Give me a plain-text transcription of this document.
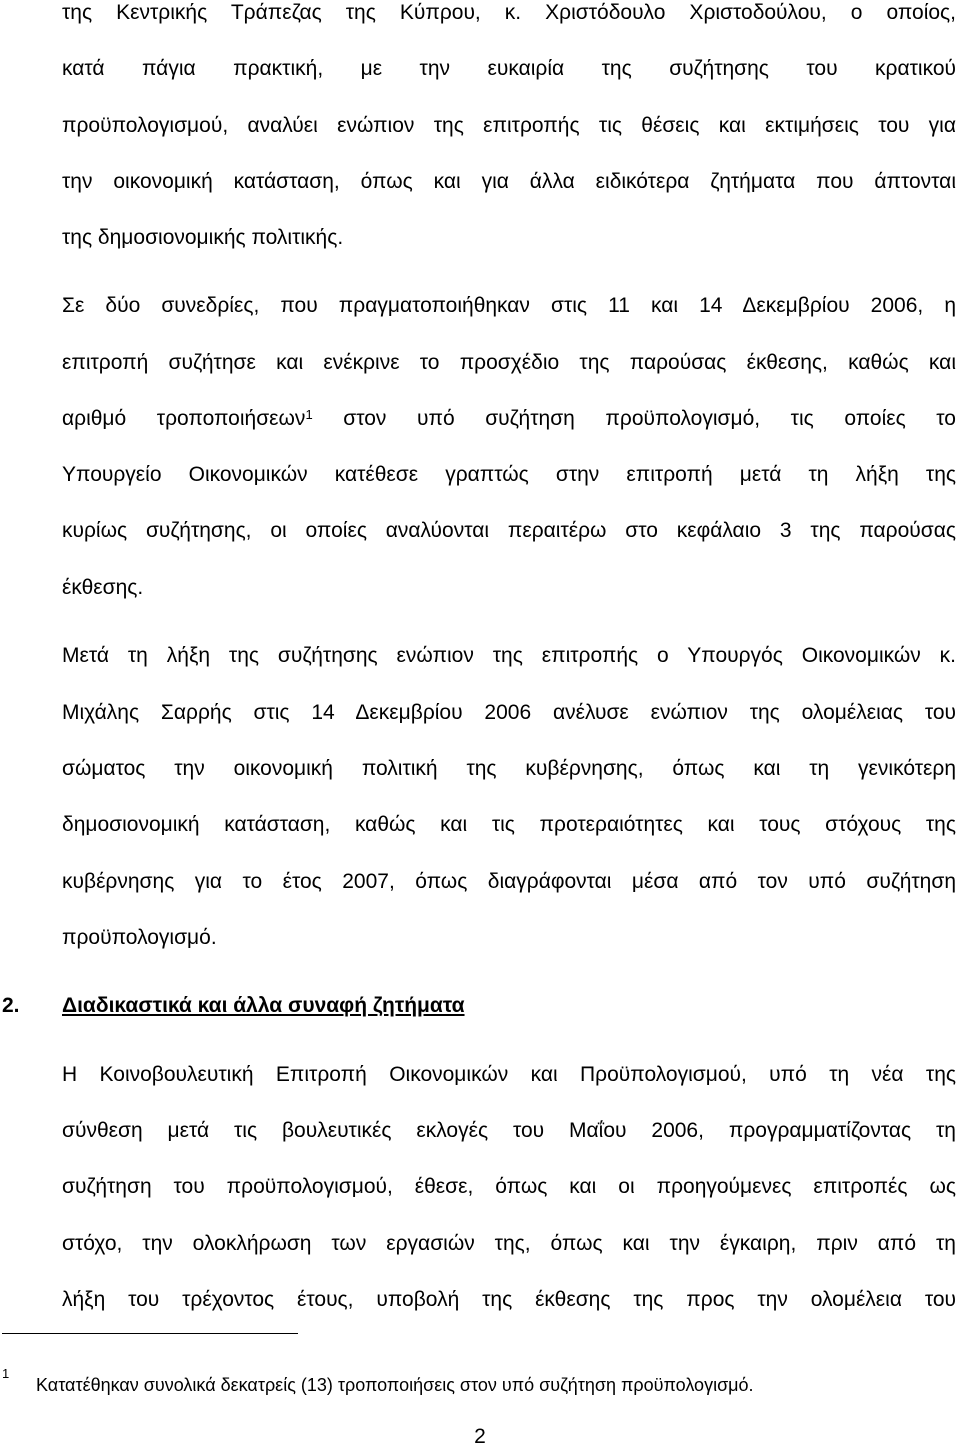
της Κεντρικής Τράπεζας της Κύπρου, κ. Χριστόδουλο Χριστοδούλου, ο οποίος,
κατά πάγια πρακτική, με την ευκαιρία της συζήτησης του κρατικού
προϋπολογισμού, αναλύει ενώπιον της επιτροπής τις θέσεις και εκτιμήσεις του για
την οικονομική κατάσταση, όπως και για άλλα ειδικότερα ζητήματα που άπτονται
της δημοσιονομικής πολιτικής.
Σε δύο συνεδρίες, που πραγματοποιήθηκαν στις 11 και 14 Δεκεμβρίου 2006, η
επιτροπή συζήτησε και ενέκρινε το προσχέδιο της παρούσας έκθεσης, καθώς και
αριθμό τροποποιήσεων$^1$ στον υπό συζήτηση προϋπολογισμό, τις οποίες το
Υπουργείο Οικονομικών κατέθεσε γραπτώς στην επιτροπή μετά τη λήξη της
κυρίως συζήτησης, οι οποίες αναλύονται περαιτέρω στο κεφάλαιο 3 της παρούσας
έκθεσης.
Μετά τη λήξη της συζήτησης ενώπιον της επιτροπής ο Υπουργός Οικονομικών κ.
Μιχάλης Σαρρής στις 14 Δεκεμβρίου 2006 ανέλυσε ενώπιον της ολομέλειας του
σώματος την οικονομική πολιτική της κυβέρνησης, όπως και τη γενικότερη
δημοσιονομική κατάσταση, καθώς και τις προτεραιότητες και τους στόχους της
κυβέρνησης για το έτος 2007, όπως διαγράφονται μέσα από τον υπό συζήτηση
προϋπολογισμό.
2. Διαδικαστικά και άλλα συναφή ζητήματα
Η Κοινοβουλευτική Επιτροπή Οικονομικών και Προϋπολογισμού, υπό τη νέα της
σύνθεση μετά τις βουλευτικές εκλογές του Μαΐου 2006, προγραμματίζοντας τη
συζήτηση του προϋπολογισμού, έθεσε, όπως και οι προηγούμενες επιτροπές ως
στόχο, την ολοκλήρωση των εργασιών της, όπως και την έγκαιρη, πριν από τη
λήξη του τρέχοντος έτους, υποβολή της έκθεσης της προς την ολομέλεια του
1
Κατατέθηκαν συνολικά δεκατρείς (13) τροποποιήσεις στον υπό συζήτηση προϋπολογισμό.
2
